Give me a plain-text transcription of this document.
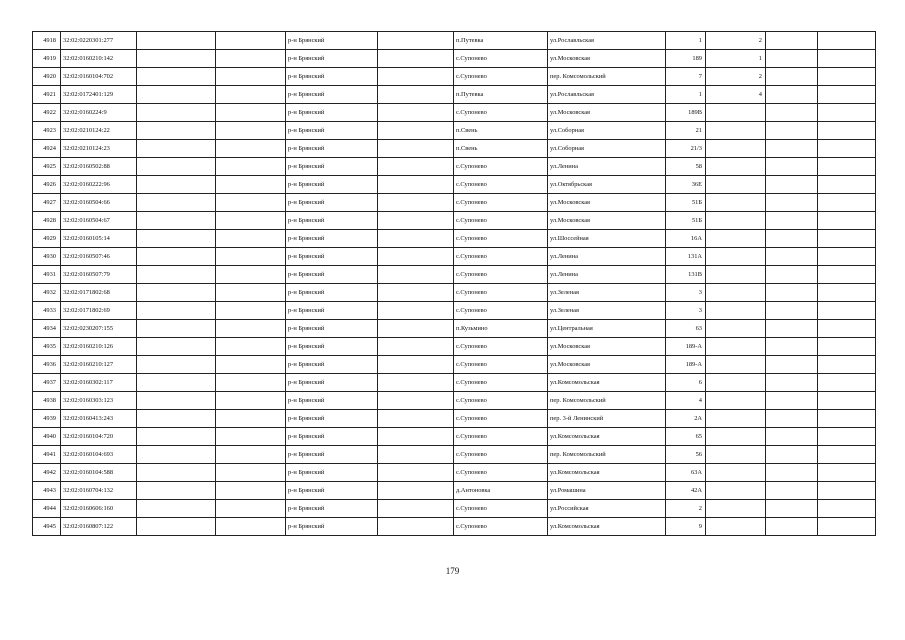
4918	32:02:0220301:277			р-н Брянский		п.Путевка	ул.Рославльская	1	2		
4919	32:02:0160210:142			р-н Брянский		с.Супонево	ул.Московская	189	1		
4920	32:02:0160104:702			р-н Брянский		с.Супонево	пер. Комсомольский	7	2		
4921	32:02:0172401:129			р-н Брянский		п.Путевка	ул.Рославльская	1	4		
4922	32:02:0160224:9			р-н Брянский		с.Супонево	ул.Московская	189В			
4923	32:02:0210124:22			р-н Брянский		п.Свень	ул.Соборная	21			
4924	32:02:0210124:23			р-н Брянский		п.Свень	ул.Соборная	21/3			
4925	32:02:0160502:88			р-н Брянский		с.Супонево	ул.Ленина	58			
4926	32:02:0160222:96			р-н Брянский		с.Супонево	ул.Октябрьская	36Е			
4927	32:02:0160504:66			р-н Брянский		с.Супонево	ул.Московская	51Б			
4928	32:02:0160504:67			р-н Брянский		с.Супонево	ул.Московская	51Б			
4929	32:02:0160105:14			р-н Брянский		с.Супонево	ул.Шоссейная	16А			
4930	32:02:0160507:46			р-н Брянский		с.Супонево	ул.Ленина	131А			
4931	32:02:0160507:79			р-н Брянский		с.Супонево	ул.Ленина	131В			
4932	32:02:0171802:68			р-н Брянский		с.Супонево	ул.Зеленая	3			
4933	32:02:0171802:69			р-н Брянский		с.Супонево	ул.Зеленая	3			
4934	32:02:0230207:155			р-н Брянский		п.Кузьмино	ул.Центральная	63			
4935	32:02:0160210:126			р-н Брянский		с.Супонево	ул.Московская	189-А			
4936	32:02:0160210:127			р-н Брянский		с.Супонево	ул.Московская	189-А			
4937	32:02:0160302:117			р-н Брянский		с.Супонево	ул.Комсомольская	6			
4938	32:02:0160303:123			р-н Брянский		с.Супонево	пер. Комсомольский	4			
4939	32:02:0160413:243			р-н Брянский		с.Супонево	пер. 3-й Ленинский	2А			
4940	32:02:0160104:720			р-н Брянский		с.Супонево	ул.Комсомольская	65			
4941	32:02:0160104:693			р-н Брянский		с.Супонево	пер. Комсомольский	56			
4942	32:02:0160104:588			р-н Брянский		с.Супонево	ул.Комсомольская	63А			
4943	32:02:0160704:132			р-н Брянский		д.Антоновка	ул.Ромашина	42А			
4944	32:02:0160606:160			р-н Брянский		с.Супонево	ул.Российская	2			
4945	32:02:0160807:122			р-н Брянский		с.Супонево	ул.Комсомольская	9			
179
